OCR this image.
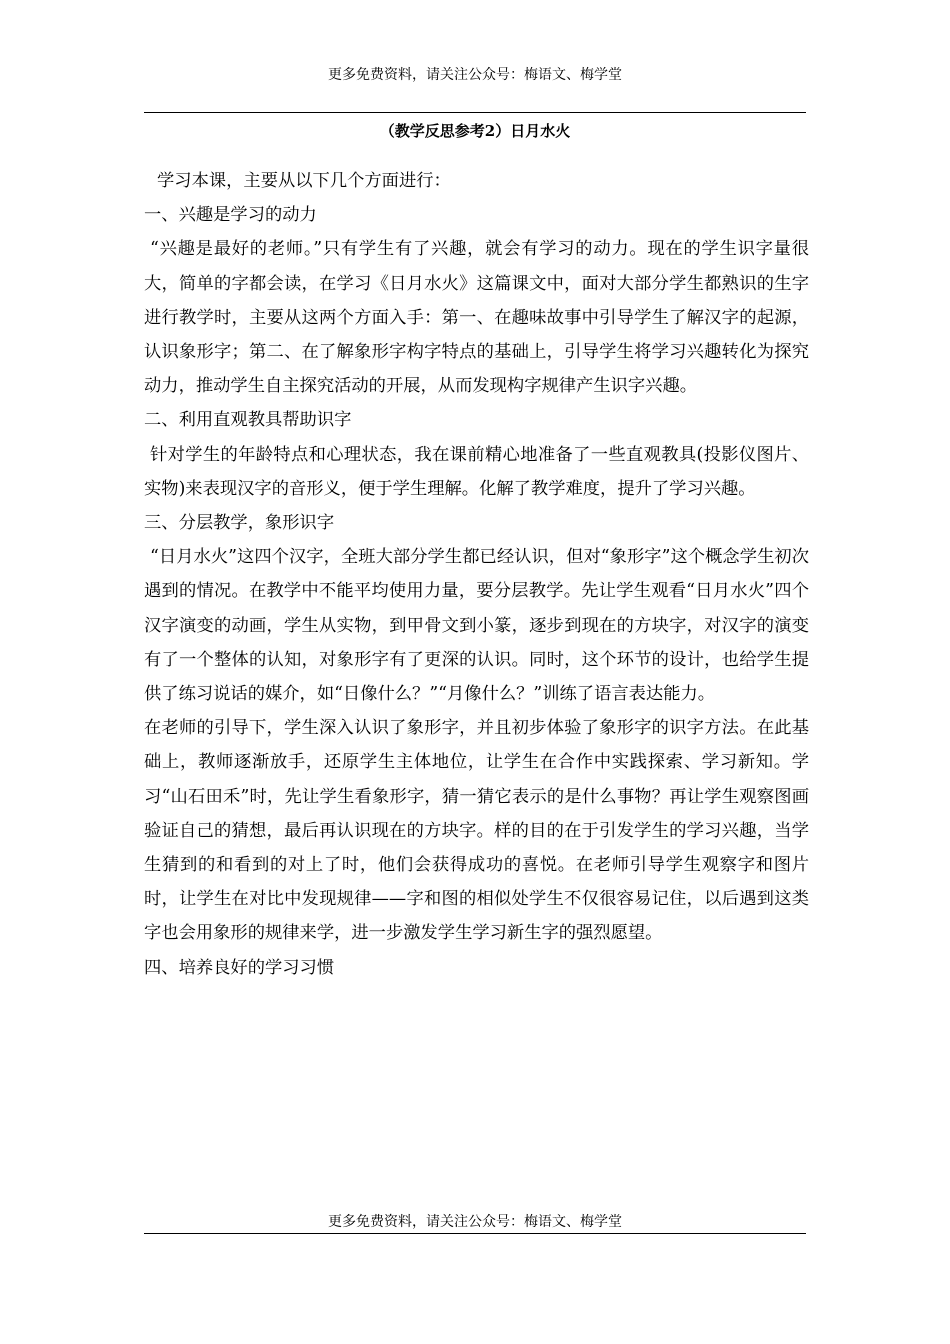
更多免费资料，请关注公众号：梅语文、梅学堂
（教学反思参考2）日月水火

学习本课，主要从以下几个方面进行：

一、兴趣是学习的动力

“兴趣是最好的老师。”只有学生有了兴趣，就会有学习的动力。现在的学生识字量很大，简单的字都会读，在学习《日月水火》这篇课文中，面对大部分学生都熟识的生字进行教学时，主要从这两个方面入手：第一、在趣味故事中引导学生了解汉字的起源，认识象形字；第二、在了解象形字构字特点的基础上，引导学生将学习兴趣转化为探究动力，推动学生自主探究活动的开展，从而发现构字规律产生识字兴趣。

二、利用直观教具帮助识字

针对学生的年龄特点和心理状态，我在课前精心地准备了一些直观教具(投影仪图片、实物)来表现汉字的音形义，便于学生理解。化解了教学难度，提升了学习兴趣。

三、分层教学，象形识字

“日月水火”这四个汉字，全班大部分学生都已经认识，但对“象形字”这个概念学生初次遇到的情况。在教学中不能平均使用力量，要分层教学。先让学生观看“日月水火”四个汉字演变的动画，学生从实物，到甲骨文到小篆，逐步到现在的方块字，对汉字的演变有了一个整体的认知，对象形字有了更深的认识。同时，这个环节的设计，也给学生提供了练习说话的媒介，如“日像什么？”“月像什么？”训练了语言表达能力。

在老师的引导下，学生深入认识了象形字，并且初步体验了象形字的识字方法。在此基础上，教师逐渐放手，还原学生主体地位，让学生在合作中实践探索、学习新知。学习“山石田禾”时，先让学生看象形字，猜一猜它表示的是什么事物？再让学生观察图画验证自己的猜想，最后再认识现在的方块字。样的目的在于引发学生的学习兴趣，当学生猜到的和看到的对上了时，他们会获得成功的喜悦。在老师引导学生观察字和图片时，让学生在对比中发现规律——字和图的相似处学生不仅很容易记住，以后遇到这类字也会用象形的规律来学，进一步激发学生学习新生字的强烈愿望。

四、培养良好的学习习惯

更多免费资料，请关注公众号：梅语文、梅学堂
